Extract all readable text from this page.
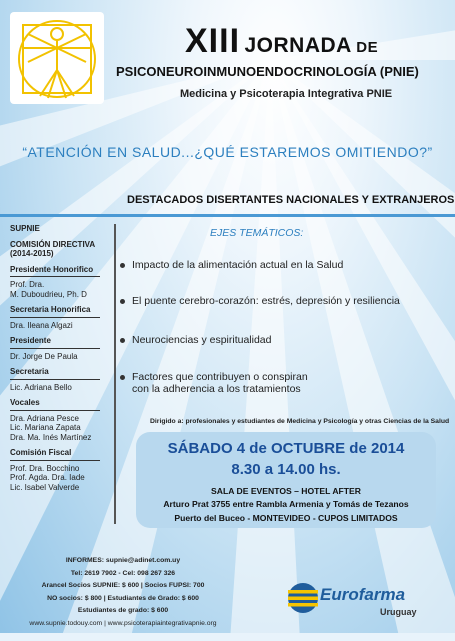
XIII JORNADA DE
PSICONEUROINMUNOENDOCRINOLOGÍA (PNIE)
Medicina y Psicoterapia Integrativa PNIE
“ATENCIÓN EN SALUD...¿QUÉ ESTAREMOS OMITIENDO?”
DESTACADOS DISERTANTES NACIONALES Y EXTRANJEROS
SUPNIE
COMISIÓN DIRECTIVA
(2014-2015)
Presidente Honorifico
Prof. Dra.
M. Duboudrieu, Ph. D
Secretaria Honorifica
Dra. Ileana Algazi
Presidente
Dr. Jorge De Paula
Secretaria
Lic. Adriana Bello
Vocales
Dra. Adriana Pesce
Lic. Mariana Zapata
Dra. Ma. Inés Martínez
Comisión Fiscal
Prof. Dra. Bocchino
Prof. Agda. Dra. Iade
Lic. Isabel Valverde
EJES TEMÁTICOS:
Impacto de la alimentación actual en la Salud
El puente cerebro-corazón: estrés, depresión y resiliencia
Neurociencias y espiritualidad
Factores que contribuyen o conspiran
con la adherencia a los tratamientos
Dirigido a: profesionales y estudiantes de Medicina y Psicología y otras Ciencias de la Salud
SÁBADO 4 de OCTUBRE de 2014
8.30 a 14.00 hs.
SALA DE EVENTOS – HOTEL AFTER
Arturo Prat 3755 entre Rambla Armenia y Tomás de Tezanos
Puerto del Buceo - MONTEVIDEO - CUPOS LIMITADOS
INFORMES: supnie@adinet.com.uy
Tel: 2619 7902 - Cel: 098 267 326
Arancel Socios SUPNIE: $ 600 | Socios FUPSI: 700
NO socios: $ 800 | Estudiantes de Grado: $ 600
Estudiantes de grado: $ 600
www.supnie.todouy.com | www.psicoterapiaintegrativapnie.org
Eurofarma
Uruguay
